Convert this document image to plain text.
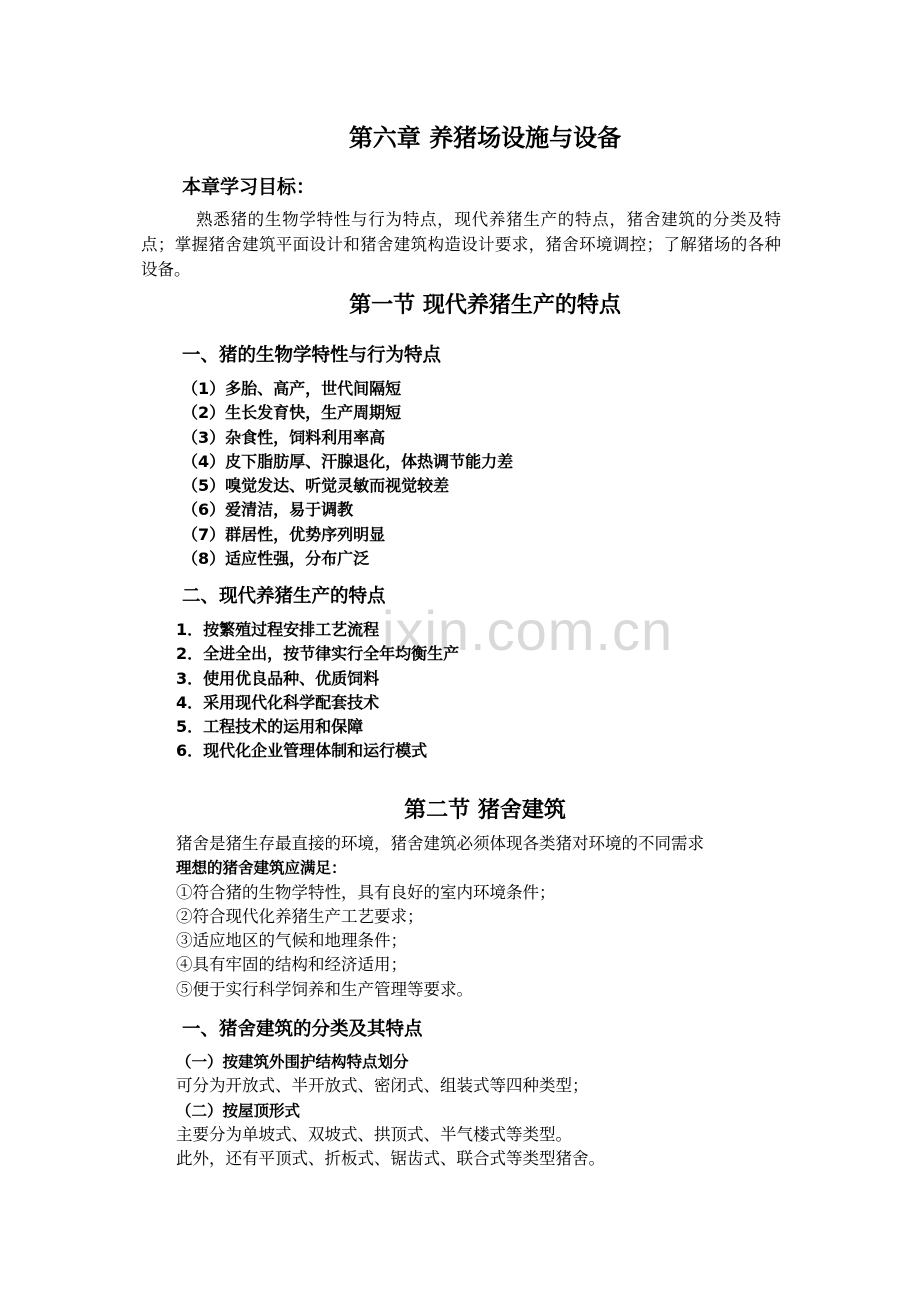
第六章 养猪场设施与设备
本章学习目标：
熟悉猪的生物学特性与行为特点，现代养猪生产的特点，猪舍建筑的分类及特点；掌握猪舍建筑平面设计和猪舍建筑构造设计要求，猪舍环境调控；了解猪场的各种设备。
第一节 现代养猪生产的特点
一、猪的生物学特性与行为特点
（1）多胎、高产，世代间隔短
（2）生长发育快，生产周期短
（3）杂食性，饲料利用率高
（4）皮下脂肪厚、汗腺退化，体热调节能力差
（5）嗅觉发达、听觉灵敏而视觉较差
（6）爱清洁，易于调教
（7）群居性，优势序列明显
（8）适应性强，分布广泛
二、现代养猪生产的特点
ixin.com.cn
1．按繁殖过程安排工艺流程
2．全进全出，按节律实行全年均衡生产
3．使用优良品种、优质饲料
4．采用现代化科学配套技术
5．工程技术的运用和保障
6．现代化企业管理体制和运行模式
第二节 猪舍建筑
猪舍是猪生存最直接的环境，猪舍建筑必须体现各类猪对环境的不同需求
理想的猪舍建筑应满足：
①符合猪的生物学特性，具有良好的室内环境条件；
②符合现代化养猪生产工艺要求；
③适应地区的气候和地理条件；
④具有牢固的结构和经济适用；
⑤便于实行科学饲养和生产管理等要求。
一、猪舍建筑的分类及其特点
（一）按建筑外围护结构特点划分
可分为开放式、半开放式、密闭式、组装式等四种类型；
（二）按屋顶形式
主要分为单坡式、双坡式、拱顶式、半气楼式等类型。
此外，还有平顶式、折板式、锯齿式、联合式等类型猪舍。
